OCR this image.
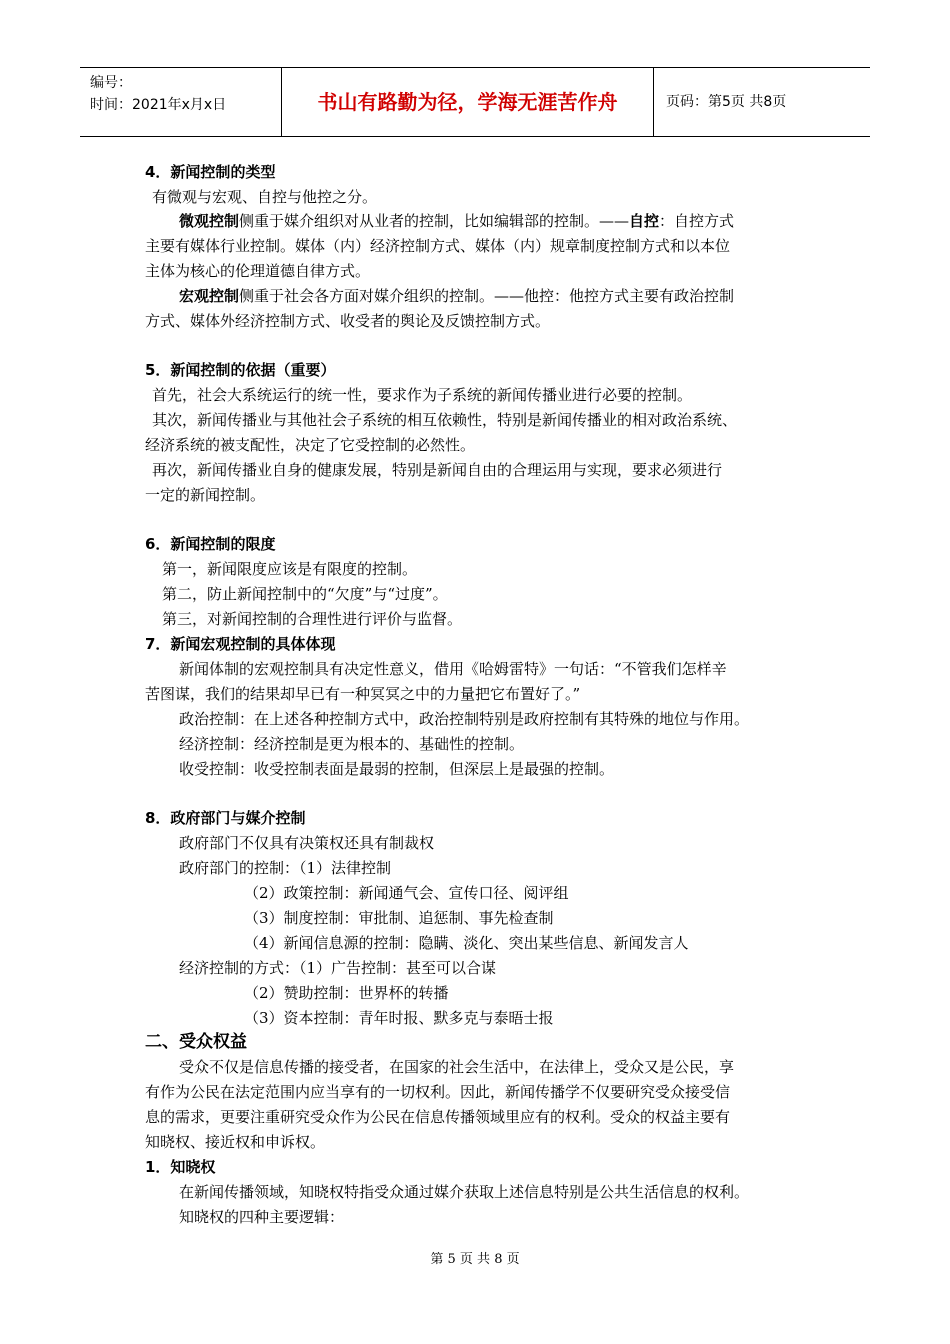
编号：
时间：2021年x月x日	书山有路勤为径，学海无涯苦作舟	页码：第5页 共8页
4．新闻控制的类型
有微观与宏观、自控与他控之分。
微观控制侧重于媒介组织对从业者的控制，比如编辑部的控制。——自控：自控方式
主要有媒体行业控制。媒体（内）经济控制方式、媒体（内）规章制度控制方式和以本位
主体为核心的伦理道德自律方式。
宏观控制侧重于社会各方面对媒介组织的控制。——他控：他控方式主要有政治控制
方式、媒体外经济控制方式、收受者的舆论及反馈控制方式。
5．新闻控制的依据（重要）
首先，社会大系统运行的统一性，要求作为子系统的新闻传播业进行必要的控制。
其次，新闻传播业与其他社会子系统的相互依赖性，特别是新闻传播业的相对政治系统、
经济系统的被支配性，决定了它受控制的必然性。
再次，新闻传播业自身的健康发展，特别是新闻自由的合理运用与实现，要求必须进行
一定的新闻控制。
6．新闻控制的限度
第一，新闻限度应该是有限度的控制。
第二，防止新闻控制中的“欠度”与“过度”。
第三，对新闻控制的合理性进行评价与监督。
7．新闻宏观控制的具体体现
新闻体制的宏观控制具有决定性意义，借用《哈姆雷特》一句话：“不管我们怎样辛
苦图谋，我们的结果却早已有一种冥冥之中的力量把它布置好了。”
政治控制：在上述各种控制方式中，政治控制特别是政府控制有其特殊的地位与作用。
经济控制：经济控制是更为根本的、基础性的控制。
收受控制：收受控制表面是最弱的控制，但深层上是最强的控制。
8．政府部门与媒介控制
政府部门不仅具有决策权还具有制裁权
政府部门的控制：（1）法律控制
（2）政策控制：新闻通气会、宣传口径、阅评组
（3）制度控制：审批制、追惩制、事先检查制
（4）新闻信息源的控制：隐瞒、淡化、突出某些信息、新闻发言人
经济控制的方式：（1）广告控制：甚至可以合谋
（2）赞助控制：世界杯的转播
（3）资本控制：青年时报、默多克与泰晤士报
二、受众权益
受众不仅是信息传播的接受者，在国家的社会生活中，在法律上，受众又是公民，享
有作为公民在法定范围内应当享有的一切权利。因此，新闻传播学不仅要研究受众接受信
息的需求，更要注重研究受众作为公民在信息传播领域里应有的权利。受众的权益主要有
知晓权、接近权和申诉权。
1．知晓权
在新闻传播领域，知晓权特指受众通过媒介获取上述信息特别是公共生活信息的权利。
知晓权的四种主要逻辑：
第 5 页 共 8 页
